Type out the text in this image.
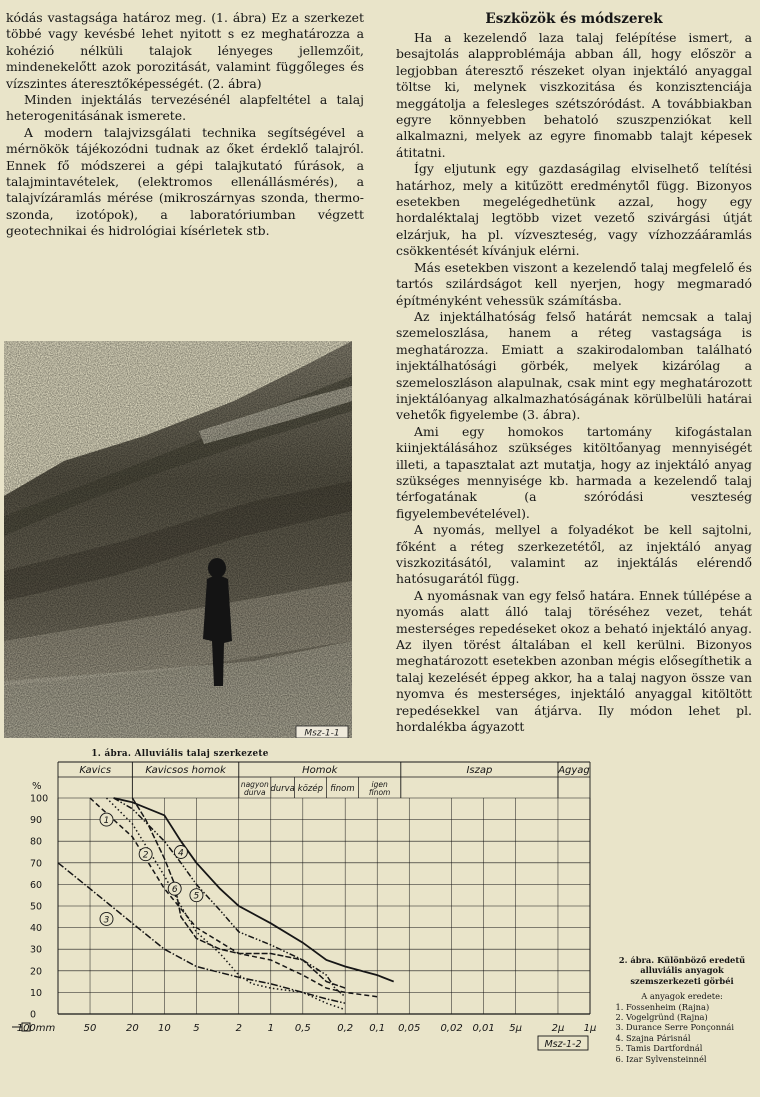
kódás vastagsága határoz meg. (1. ábra) Ez a szerkezet többé vagy kevésbé lehet nyitott s ez meghatározza a kohézió nélküli talajok lényeges jellemzőit, mindenekelőtt azok porozitását, valamint függőleges és vízszintes áteresztőképességét. (2. ábra)

Minden injektálás tervezésénél alapfeltétel a talaj heterogenitásának ismerete.

A modern talajvizsgálati technika segítségével a mérnökök tájékozódni tudnak az őket érdeklő talajról. Ennek fő módszerei a gépi talajkutató fúrások, a talajmintavételek, (elektromos ellenállásmérés), a talajvízáramlás mérése (mikroszárnyas szonda, thermo-szonda, izotópok), a laboratóriumban végzett geotechnikai és hidrológiai kísérletek stb.

Msz-1-1
1. ábra. Alluviális talaj szerkezete
Eszközök és módszerek

Ha a kezelendő laza talaj felépítése ismert, a besajtolás alapproblémája abban áll, hogy először a legjobban áteresztő részeket olyan injektáló anyaggal töltse ki, melynek viszkozitása és konzisztenciája meggátolja a felesleges szétszóródást. A továbbiakban egyre könnyebben behatoló szuszpenziókat kell alkalmazni, melyek az egyre finomabb talajt képesek átitatni.

Így eljutunk egy gazdaságilag elviselhető telítési határhoz, mely a kitűzött eredménytől függ. Bizonyos esetekben megelégedhetünk azzal, hogy egy hordaléktalaj legtöbb vizet vezető szivárgási útját elzárjuk, ha pl. vízveszteség, vagy vízhozzááramlás csökkentését kívánjuk elérni.

Más esetekben viszont a kezelendő talaj megfelelő és tartós szilárdságot kell nyerjen, hogy megmaradó építményként vehessük számításba.

Az injektálhatóság felső határát nemcsak a talaj szemeloszlása, hanem a réteg vastagsága is meghatározza. Emiatt a szakirodalomban található injektálhatósági görbék, melyek kizárólag a szemeloszláson alapulnak, csak mint egy meghatározott injektálóanyag alkalmazhatóságának körülbelüli határai vehetők figyelembe (3. ábra).

Ami egy homokos tartomány kifogástalan kiinjektálásához szükséges kitöltőanyag mennyiségét illeti, a tapasztalat azt mutatja, hogy az injektáló anyag szükséges mennyisége kb. harmada a kezelendő talaj térfogatának (a szóródási veszteség figyelembevételével).

A nyomás, mellyel a folyadékot be kell sajtolni, főként a réteg szerkezetétől, az injektáló anyag viszkozitásától, valamint az injektálás elérendő hatósugarától függ.

A nyomásnak van egy felső határa. Ennek túllépése a nyomás alatt álló talaj töréséhez vezet, tehát mesterséges repedéseket okoz a beható injektáló anyag. Az ilyen törést általában el kell kerülni. Bizonyos meghatározott esetekben azonban mégis elősegíthetik a talaj kezelését éppeg akkor, ha a talaj nagyon össze van nyomva és mesterséges, injektáló anyaggal kitöltött repedésekkel van átjárva. Ily módon lehet pl. hordalékba ágyazott

Kavics	Kavicsos homok	Homok	Iszap	Agyag
nagyon
durva durva közép finom igen
finom
100
90
80
70
60
50
40
30
20
10
0
%
100mm	50	20 10 5	2	1 0,5	0,2 0,1 0,05 0,02 0,01 5μ	2μ 1μ
1
2
3
4
5
6
Msz-1-2
2. ábra. Különböző eredetű alluviális anyagok szemszerkezeti görbéi
A anyagok eredete:
1. Fossenheim (Rajna)
2. Vogelgründ (Rajna)
3. Durance Serre Ponçonnái
4. Szajna Párisnál
5. Tamis Dartfordnál
6. Izar Sylvensteinnél
